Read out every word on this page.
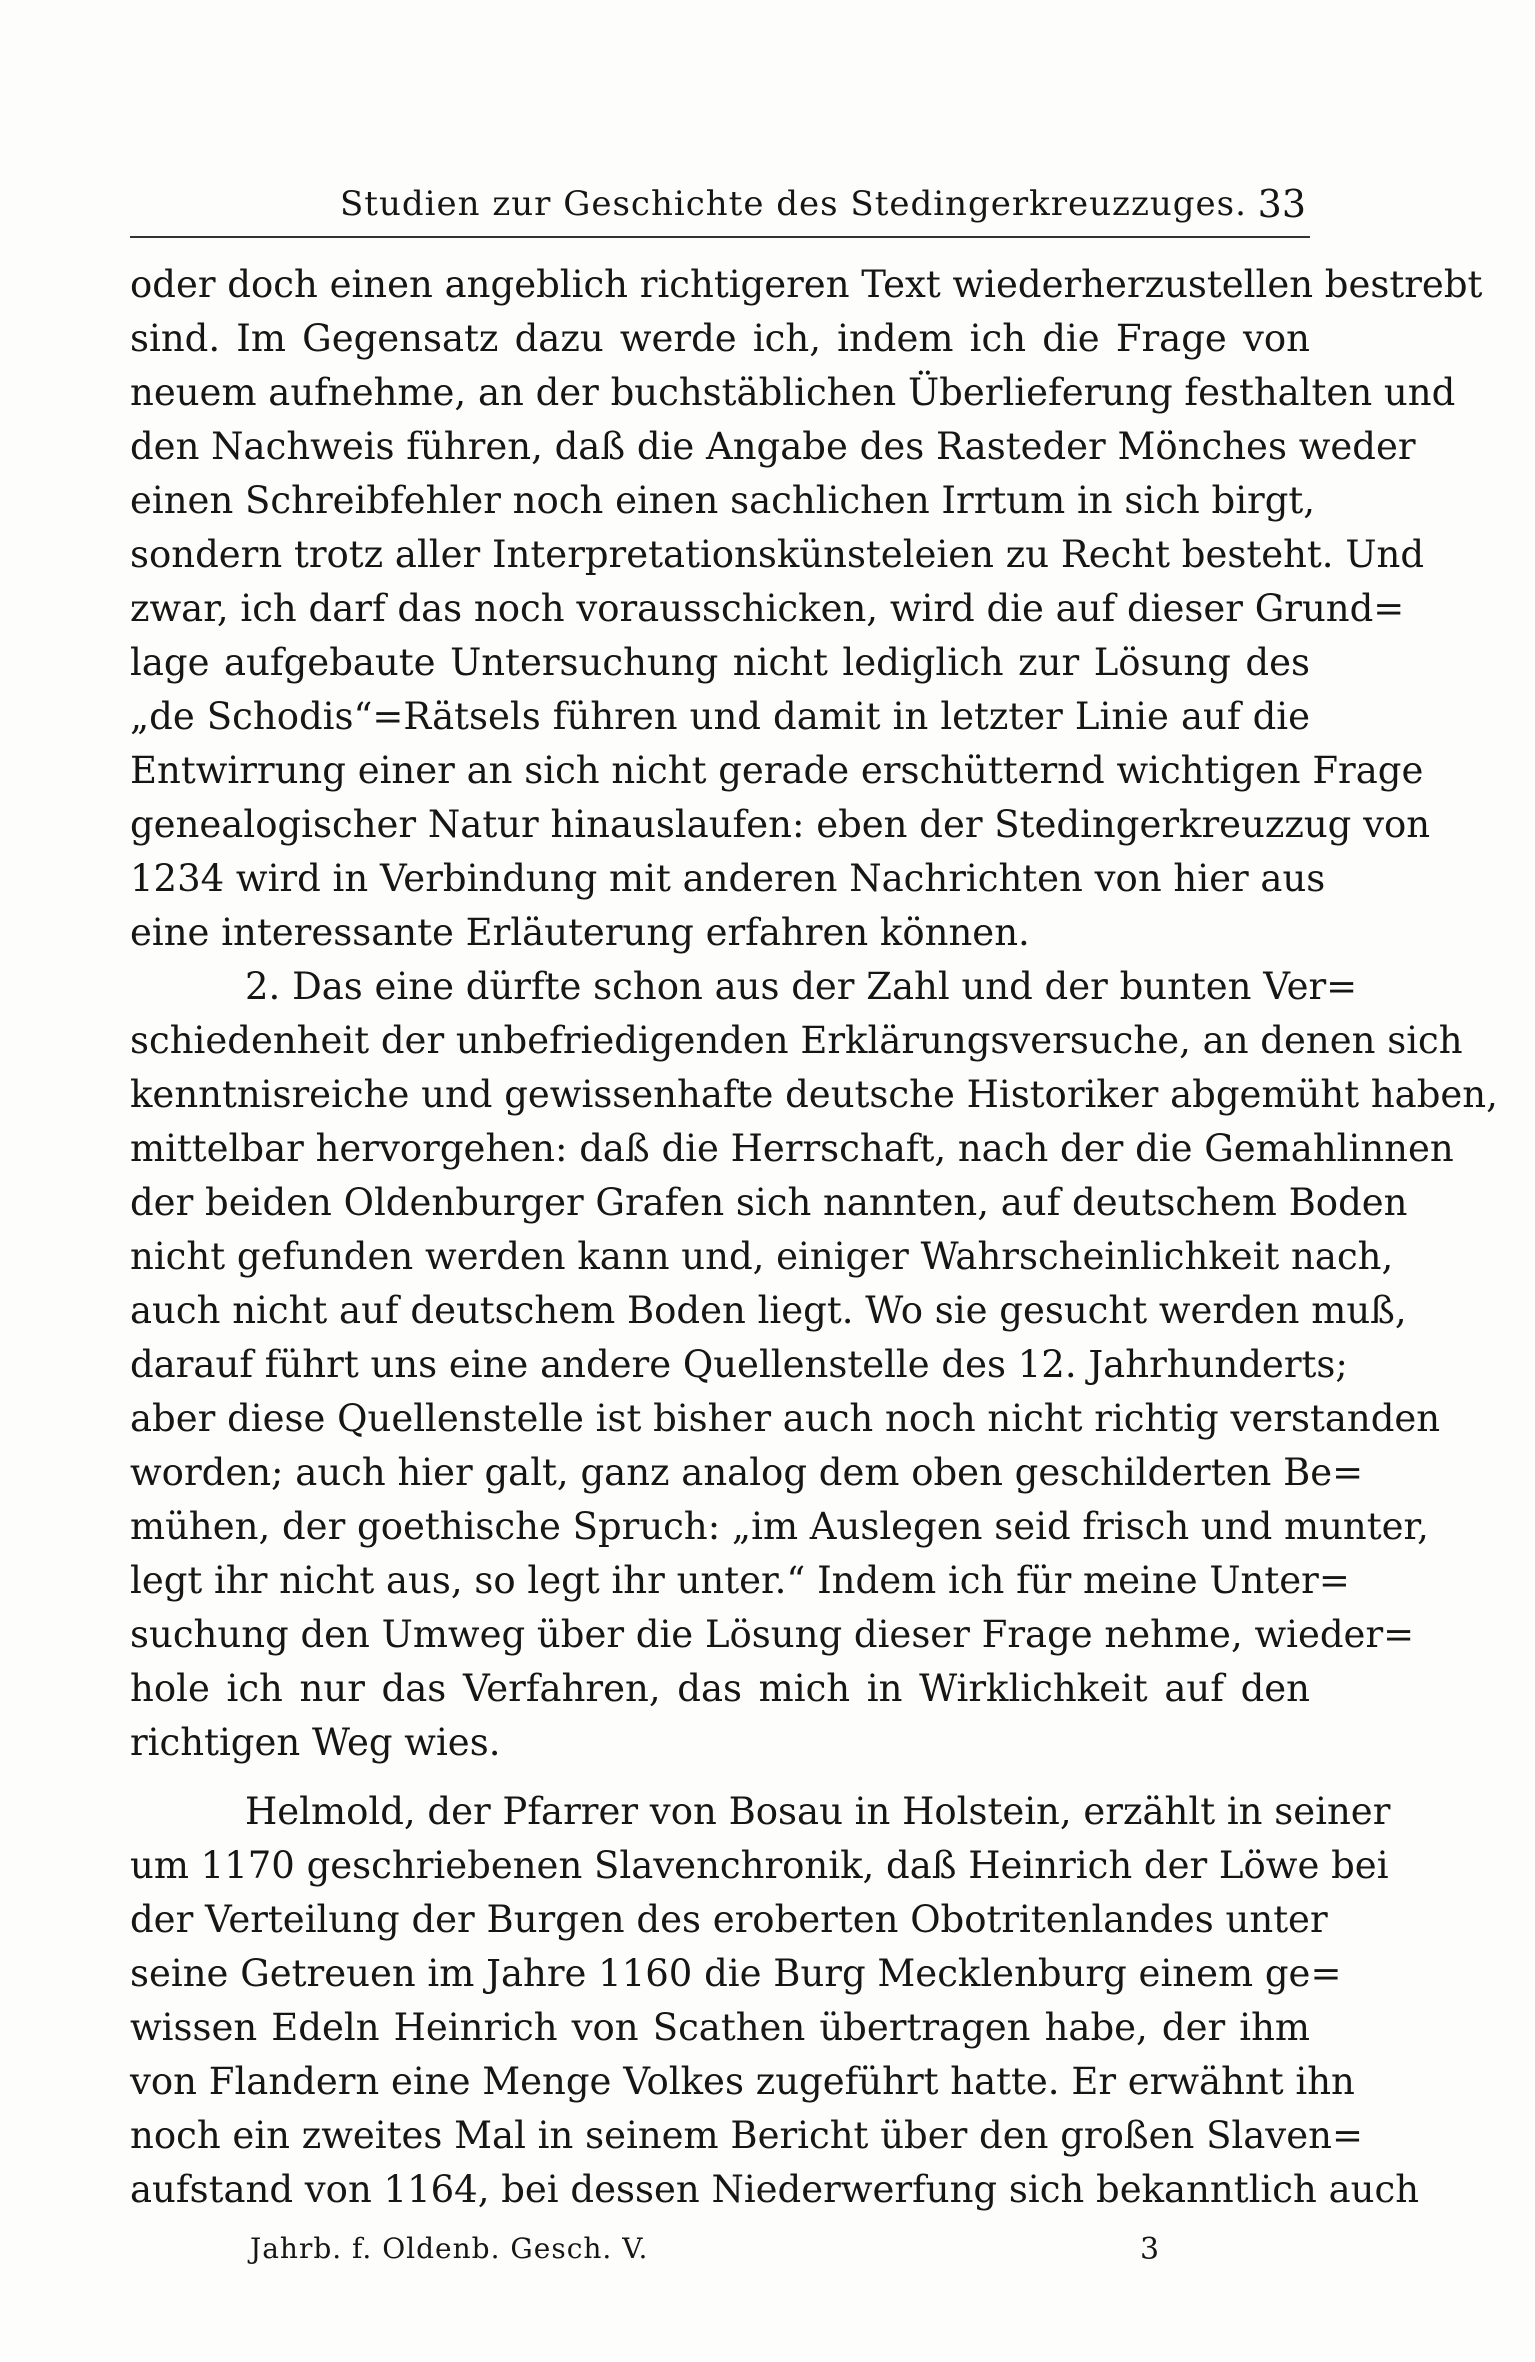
Studien zur Geschichte des Stedingerkreuzzuges. 33
oder doch einen angeblich richtigeren Text wiederherzustellen bestrebt
sind. Im Gegensatz dazu werde ich, indem ich die Frage von
neuem aufnehme, an der buchstäblichen Überlieferung festhalten und
den Nachweis führen, daß die Angabe des Rasteder Mönches weder
einen Schreibfehler noch einen sachlichen Irrtum in sich birgt,
sondern trotz aller Interpretationskünsteleien zu Recht besteht. Und
zwar, ich darf das noch vorausschicken, wird die auf dieser Grund=
lage aufgebaute Untersuchung nicht lediglich zur Lösung des
„de Schodis“=Rätsels führen und damit in letzter Linie auf die
Entwirrung einer an sich nicht gerade erschütternd wichtigen Frage
genealogischer Natur hinauslaufen: eben der Stedingerkreuzzug von
1234 wird in Verbindung mit anderen Nachrichten von hier aus
eine interessante Erläuterung erfahren können.
2. Das eine dürfte schon aus der Zahl und der bunten Ver=
schiedenheit der unbefriedigenden Erklärungsversuche, an denen sich
kenntnisreiche und gewissenhafte deutsche Historiker abgemüht haben,
mittelbar hervorgehen: daß die Herrschaft, nach der die Gemahlinnen
der beiden Oldenburger Grafen sich nannten, auf deutschem Boden
nicht gefunden werden kann und, einiger Wahrscheinlichkeit nach,
auch nicht auf deutschem Boden liegt. Wo sie gesucht werden muß,
darauf führt uns eine andere Quellenstelle des 12. Jahrhunderts;
aber diese Quellenstelle ist bisher auch noch nicht richtig verstanden
worden; auch hier galt, ganz analog dem oben geschilderten Be=
mühen, der goethische Spruch: „im Auslegen seid frisch und munter,
legt ihr nicht aus, so legt ihr unter.“ Indem ich für meine Unter=
suchung den Umweg über die Lösung dieser Frage nehme, wieder=
hole ich nur das Verfahren, das mich in Wirklichkeit auf den
richtigen Weg wies.
Helmold, der Pfarrer von Bosau in Holstein, erzählt in seiner
um 1170 geschriebenen Slavenchronik, daß Heinrich der Löwe bei
der Verteilung der Burgen des eroberten Obotritenlandes unter
seine Getreuen im Jahre 1160 die Burg Mecklenburg einem ge=
wissen Edeln Heinrich von Scathen übertragen habe, der ihm
von Flandern eine Menge Volkes zugeführt hatte. Er erwähnt ihn
noch ein zweites Mal in seinem Bericht über den großen Slaven=
aufstand von 1164, bei dessen Niederwerfung sich bekanntlich auch
Jahrb. f. Oldenb. Gesch. V.	3
